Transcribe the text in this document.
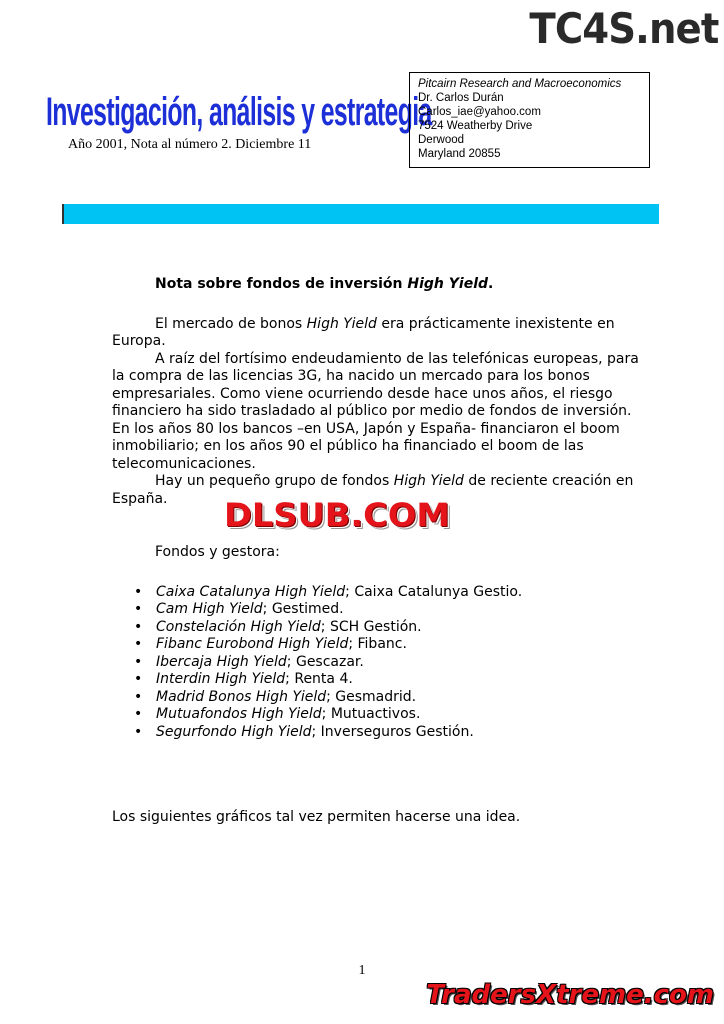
TC4S.net
Investigación, análisis y estrategia
Año 2001, Nota al número 2. Diciembre 11
Pitcairn Research and Macroeconomics
Dr. Carlos Durán
Carlos_iae@yahoo.com
7524 Weatherby Drive
Derwood
Maryland 20855

Nota sobre fondos de inversión High Yield.

El mercado de bonos High Yield era prácticamente inexistente en Europa.

A raíz del fortísimo endeudamiento de las telefónicas europeas, para la compra de las licencias 3G, ha nacido un mercado para los bonos empresariales. Como viene ocurriendo desde hace unos años, el riesgo financiero ha sido trasladado al público por medio de fondos de inversión. En los años 80 los bancos –en USA, Japón y España- financiaron el boom inmobiliario; en los años 90 el público ha financiado el boom de las telecomunicaciones.

Hay un pequeño grupo de fondos High Yield de reciente creación en España.

Fondos y gestora:

• Caixa Catalunya High Yield; Caixa Catalunya Gestio.
• Cam High Yield; Gestimed.
• Constelación High Yield; SCH Gestión.
• Fibanc Eurobond High Yield; Fibanc.
• Ibercaja High Yield; Gescazar.
• Interdin High Yield; Renta 4.
• Madrid Bonos High Yield; Gesmadrid.
• Mutuafondos High Yield; Mutuactivos.
• Segurfondo High Yield; Inverseguros Gestión.
DLSUB.COM
Los siguientes gráficos tal vez permiten hacerse una idea.
1
TradersXtreme.com
